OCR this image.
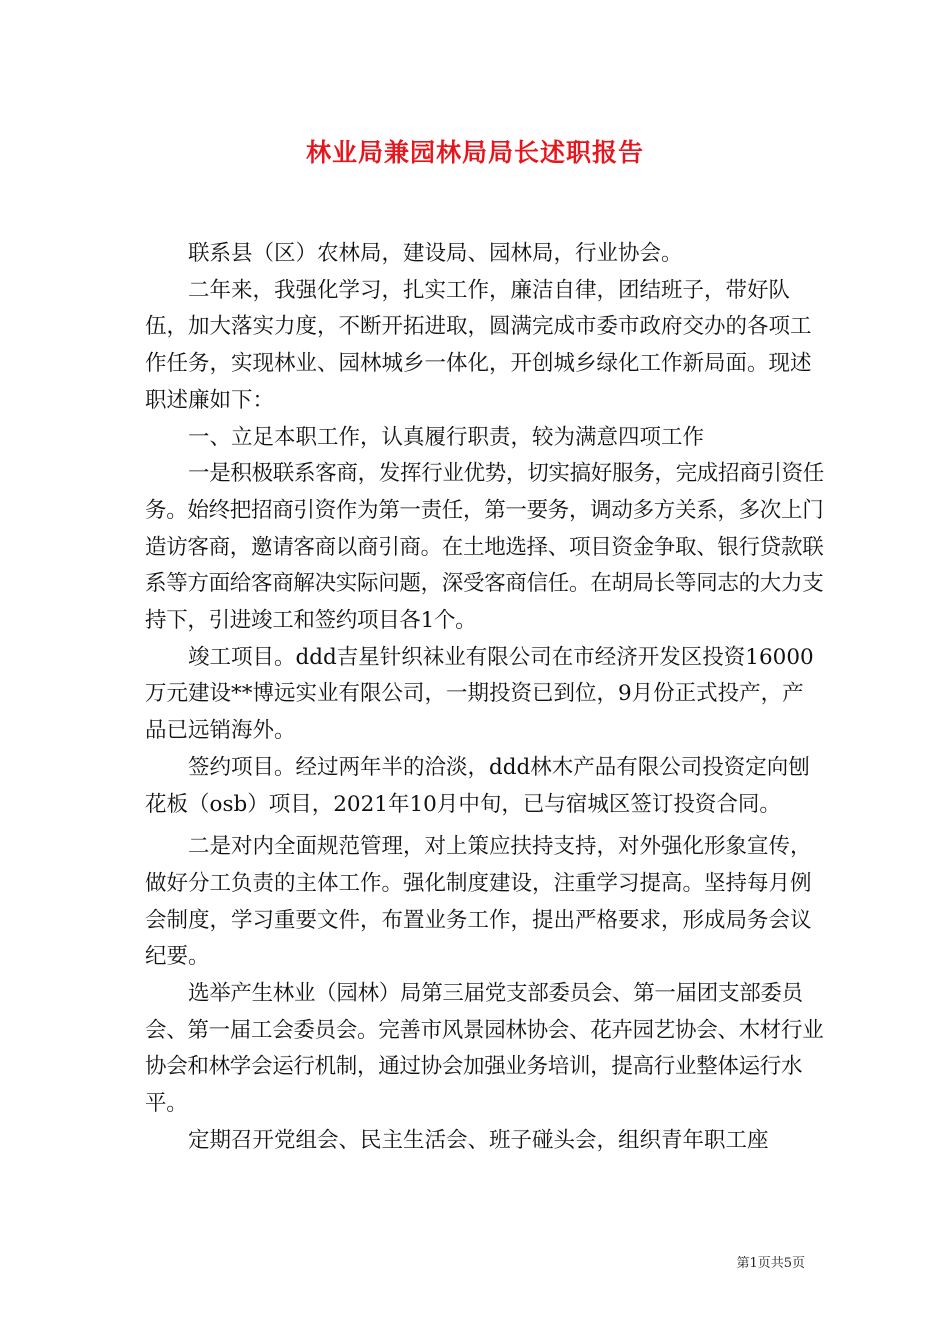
林业局兼园林局局长述职报告

联系县（区）农林局，建设局、园林局，行业协会。

二年来，我强化学习，扎实工作，廉洁自律，团结班子，带好队伍，加大落实力度，不断开拓进取，圆满完成市委市政府交办的各项工作任务，实现林业、园林城乡一体化，开创城乡绿化工作新局面。现述职述廉如下：

一、立足本职工作，认真履行职责，较为满意四项工作

一是积极联系客商，发挥行业优势，切实搞好服务，完成招商引资任务。始终把招商引资作为第一责任，第一要务，调动多方关系，多次上门造访客商，邀请客商以商引商。在土地选择、项目资金争取、银行贷款联系等方面给客商解决实际问题，深受客商信任。在胡局长等同志的大力支持下，引进竣工和签约项目各1个。

竣工项目。ddd吉星针织袜业有限公司在市经济开发区投资16000万元建设**博远实业有限公司，一期投资已到位，9月份正式投产，产品已远销海外。

签约项目。经过两年半的洽淡，ddd林木产品有限公司投资定向刨花板（osb）项目，2021年10月中旬，已与宿城区签订投资合同。

二是对内全面规范管理，对上策应扶持支持，对外强化形象宣传，做好分工负责的主体工作。强化制度建设，注重学习提高。坚持每月例会制度，学习重要文件，布置业务工作，提出严格要求，形成局务会议纪要。

选举产生林业（园林）局第三届党支部委员会、第一届团支部委员会、第一届工会委员会。完善市风景园林协会、花卉园艺协会、木材行业协会和林学会运行机制，通过协会加强业务培训，提高行业整体运行水平。

定期召开党组会、民主生活会、班子碰头会，组织青年职工座

第1页共5页
